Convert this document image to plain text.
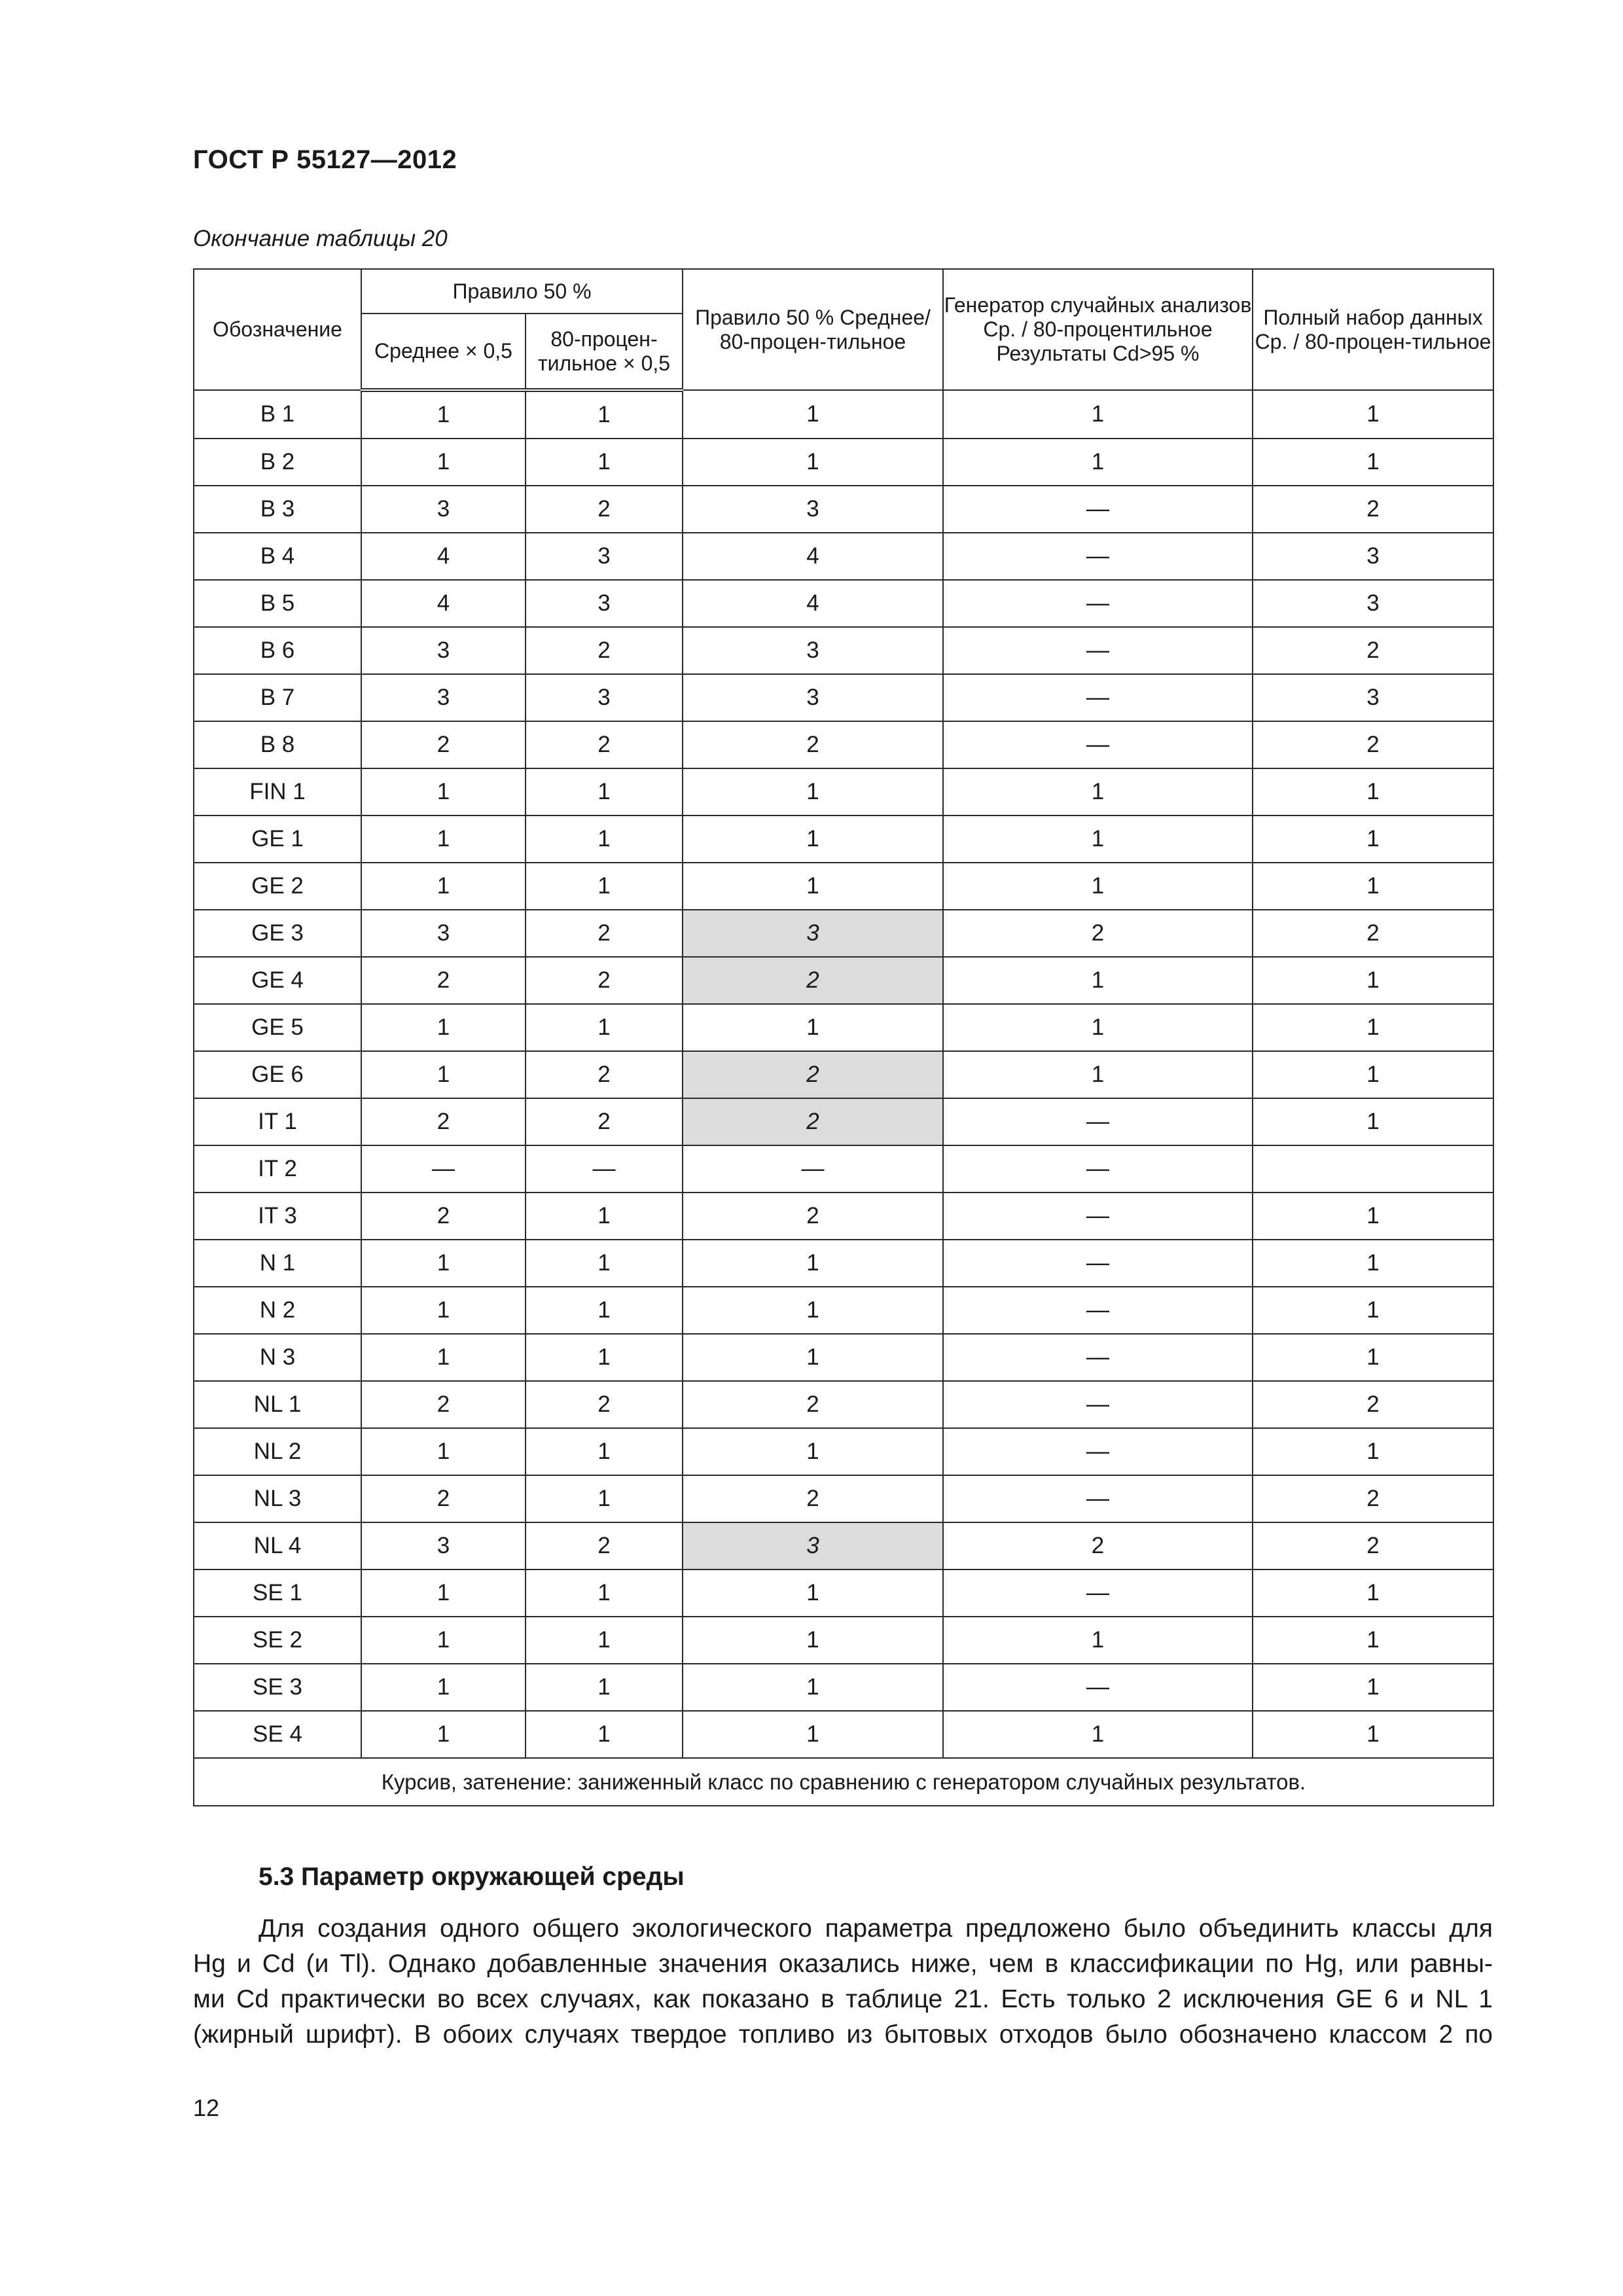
ГОСТ Р 55127—2012
Окончание таблицы 20
Обозначение	Правило 50 %		Правило 50 % Среднее/ 80-процен-тильное	Генератор случайных анализов Ср. / 80-процентильное Результаты Cd>95 %	Полный набор данных Ср. / 80-процен-тильное
	Среднее × 0,5	80-процен-тильное × 0,5			
B 1	1	1	1	1	1
B 2	1	1	1	1	1
B 3	3	2	3	—	2
B 4	4	3	4	—	3
B 5	4	3	4	—	3
B 6	3	2	3	—	2
B 7	3	3	3	—	3
B 8	2	2	2	—	2
FIN 1	1	1	1	1	1
GE 1	1	1	1	1	1
GE 2	1	1	1	1	1
GE 3	3	2	3	2	2
GE 4	2	2	2	1	1
GE 5	1	1	1	1	1
GE 6	1	2	2	1	1
IT 1	2	2	2	—	1
IT 2	—	—	—	—	
IT 3	2	1	2	—	1
N 1	1	1	1	—	1
N 2	1	1	1	—	1
N 3	1	1	1	—	1
NL 1	2	2	2	—	2
NL 2	1	1	1	—	1
NL 3	2	1	2	—	2
NL 4	3	2	3	2	2
SE 1	1	1	1	—	1
SE 2	1	1	1	1	1
SE 3	1	1	1	—	1
SE 4	1	1	1	1	1
Курсив, затенение: заниженный класс по сравнению с генератором случайных результатов.					
5.3 Параметр окружающей среды
Для создания одного общего экологического параметра предложено было объединить классы для
Hg и Cd (и Tl). Однако добавленные значения оказались ниже, чем в классификации по Hg, или равны-
ми Cd практически во всех случаях, как показано в таблице 21. Есть только 2 исключения GE 6 и NL 1
(жирный шрифт). В обоих случаях твердое топливо из бытовых отходов было обозначено классом 2 по
12
